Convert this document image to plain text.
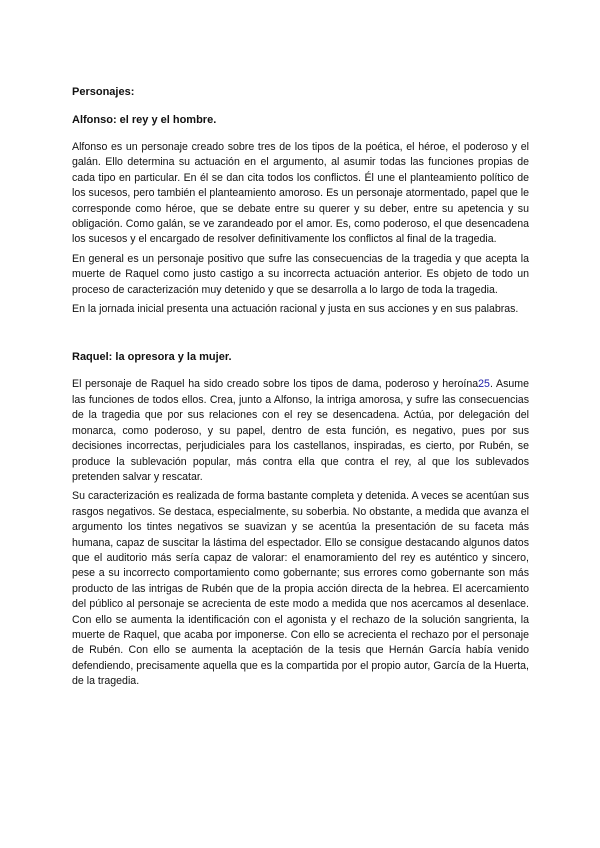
Personajes:
Alfonso: el rey y el hombre.

Alfonso es un personaje creado sobre tres de los tipos de la poética, el héroe, el poderoso y el galán. Ello determina su actuación en el argumento, al asumir todas las funciones propias de cada tipo en particular. En él se dan cita todos los conflictos. Él une el planteamiento político de los sucesos, pero también el planteamiento amoroso. Es un personaje atormentado, papel que le corresponde como héroe, que se debate entre su querer y su deber, entre su apetencia y su obligación. Como galán, se ve zarandeado por el amor. Es, como poderoso, el que desencadena los sucesos y el encargado de resolver definitivamente los conflictos al final de la tragedia.

En general es un personaje positivo que sufre las consecuencias de la tragedia y que acepta la muerte de Raquel como justo castigo a su incorrecta actuación anterior. Es objeto de todo un proceso de caracterización muy detenido y que se desarrolla a lo largo de toda la tragedia.

En la jornada inicial presenta una actuación racional y justa en sus acciones y en sus palabras.

Raquel: la opresora y la mujer.

El personaje de Raquel ha sido creado sobre los tipos de dama, poderoso y heroína25. Asume las funciones de todos ellos. Crea, junto a Alfonso, la intriga amorosa, y sufre las consecuencias de la tragedia que por sus relaciones con el rey se desencadena. Actúa, por delegación del monarca, como poderoso, y su papel, dentro de esta función, es negativo, pues por sus decisiones incorrectas, perjudiciales para los castellanos, inspiradas, es cierto, por Rubén, se produce la sublevación popular, más contra ella que contra el rey, al que los sublevados pretenden salvar y rescatar.

Su caracterización es realizada de forma bastante completa y detenida. A veces se acentúan sus rasgos negativos. Se destaca, especialmente, su soberbia. No obstante, a medida que avanza el argumento los tintes negativos se suavizan y se acentúa la presentación de su faceta más humana, capaz de suscitar la lástima del espectador. Ello se consigue destacando algunos datos que el auditorio más sería capaz de valorar: el enamoramiento del rey es auténtico y sincero, pese a su incorrecto comportamiento como gobernante; sus errores como gobernante son más producto de las intrigas de Rubén que de la propia acción directa de la hebrea. El acercamiento del público al personaje se acrecienta de este modo a medida que nos acercamos al desenlace. Con ello se aumenta la identificación con el agonista y el rechazo de la solución sangrienta, la muerte de Raquel, que acaba por imponerse. Con ello se acrecienta el rechazo por el personaje de Rubén. Con ello se aumenta la aceptación de la tesis que Hernán García había venido defendiendo, precisamente aquella que es la compartida por el propio autor, García de la Huerta, de la tragedia.
